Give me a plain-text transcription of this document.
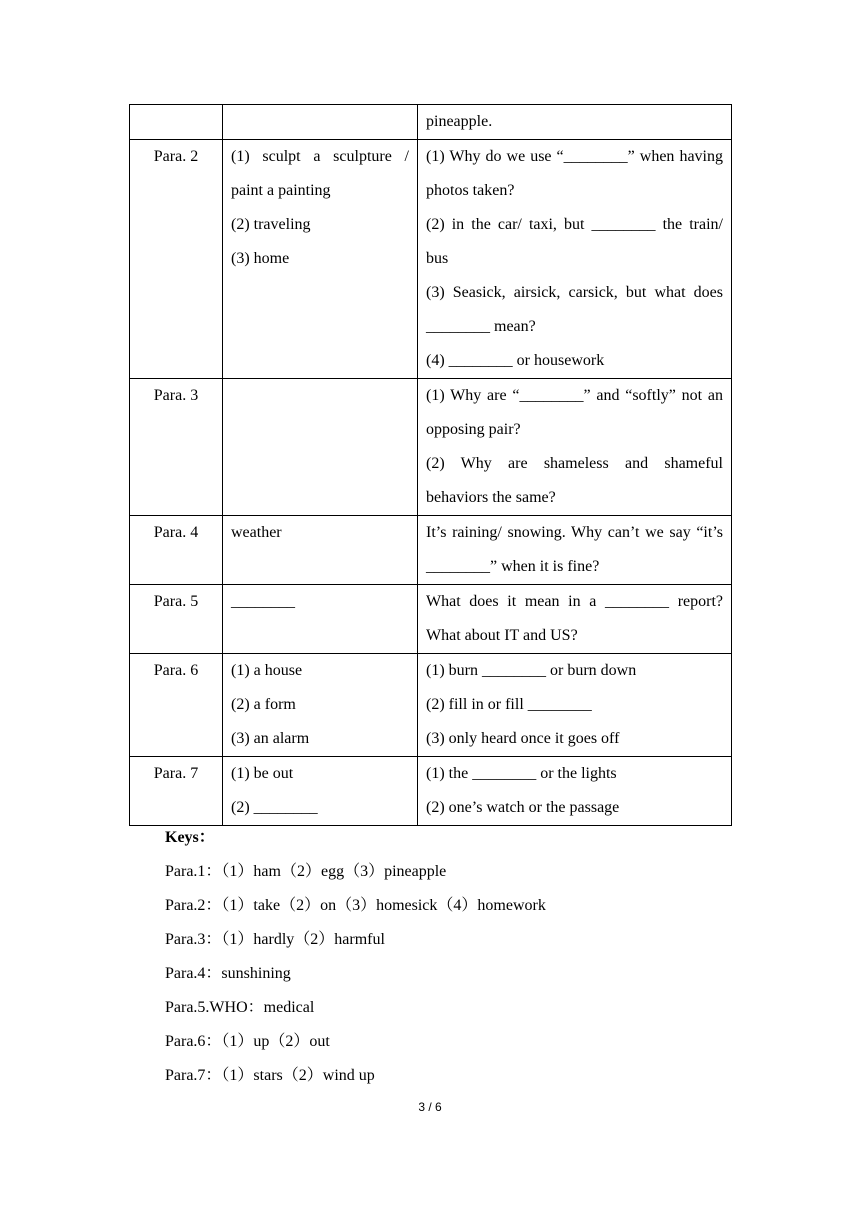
		pineapple.

Para. 2	(1) sculpt a sculpture / paint a painting
(2) traveling
(3) home	(1) Why do we use “________” when having photos taken?
(2) in the car/ taxi, but ________ the train/ bus
(3) Seasick, airsick, carsick, but what does ________ mean?
(4) ________ or housework

Para. 3		(1) Why are “________” and “softly” not an opposing pair?
(2) Why are shameless and shameful behaviors the same?

Para. 4	weather	It’s raining/ snowing. Why can’t we say “it’s ________” when it is fine?

Para. 5	________	What does it mean in a ________ report? What about IT and US?

Para. 6	(1) a house
(2) a form
(3) an alarm	(1) burn ________ or burn down
(2) fill in or fill ________
(3) only heard once it goes off

Para. 7	(1) be out
(2) ________	(1) the ________ or the lights
(2) one’s watch or the passage
Keys：
Para.1：（1）ham（2）egg（3）pineapple
Para.2：（1）take（2）on（3）homesick（4）homework
Para.3：（1）hardly（2）harmful
Para.4：sunshining
Para.5.WHO：medical
Para.6：（1）up（2）out
Para.7：（1）stars（2）wind up
3 / 6
